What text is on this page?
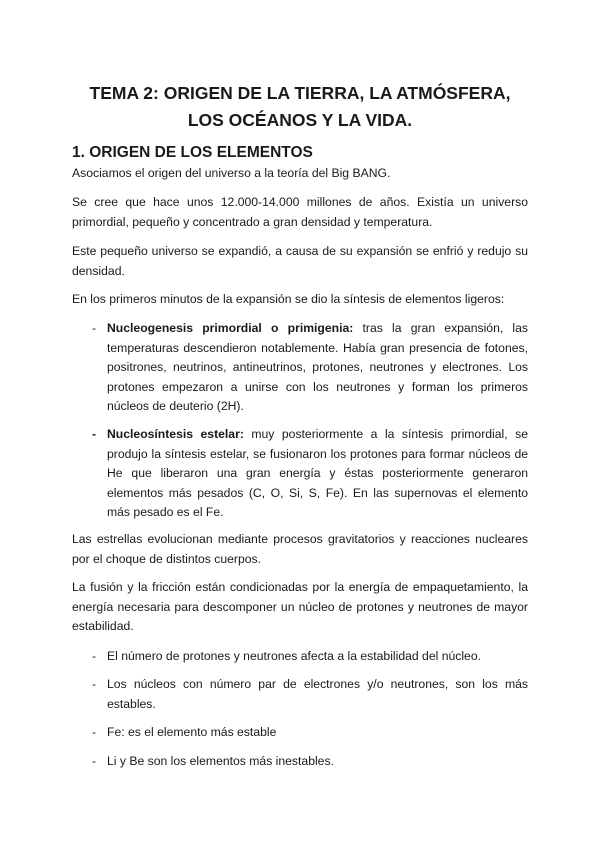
TEMA 2: ORIGEN DE LA TIERRA, LA ATMÓSFERA, LOS OCÉANOS Y LA VIDA.
1. ORIGEN DE LOS ELEMENTOS

Asociamos el origen del universo a la teoría del Big BANG.

Se cree que hace unos 12.000-14.000 millones de años. Existía un universo primordial, pequeño y concentrado a gran densidad y temperatura.

Este pequeño universo se expandió, a causa de su expansión se enfrió y redujo su densidad.

En los primeros minutos de la expansión se dio la síntesis de elementos ligeros:

- Nucleogenesis primordial o primigenia: tras la gran expansión, las temperaturas descendieron notablemente. Había gran presencia de fotones, positrones, neutrinos, antineutrinos, protones, neutrones y electrones. Los protones empezaron a unirse con los neutrones y forman los primeros núcleos de deuterio (2H).
- Nucleosíntesis estelar: muy posteriormente a la síntesis primordial, se produjo la síntesis estelar, se fusionaron los protones para formar núcleos de He que liberaron una gran energía y éstas posteriormente generaron elementos más pesados (C, O, Si, S, Fe). En las supernovas el elemento más pesado es el Fe.

Las estrellas evolucionan mediante procesos gravitatorios y reacciones nucleares por el choque de distintos cuerpos.

La fusión y la fricción están condicionadas por la energía de empaquetamiento, la energía necesaria para descomponer un núcleo de protones y neutrones de mayor estabilidad.

- El número de protones y neutrones afecta a la estabilidad del núcleo.
- Los núcleos con número par de electrones y/o neutrones, son los más estables.
- Fe: es el elemento más estable
- Li y Be son los elementos más inestables.
